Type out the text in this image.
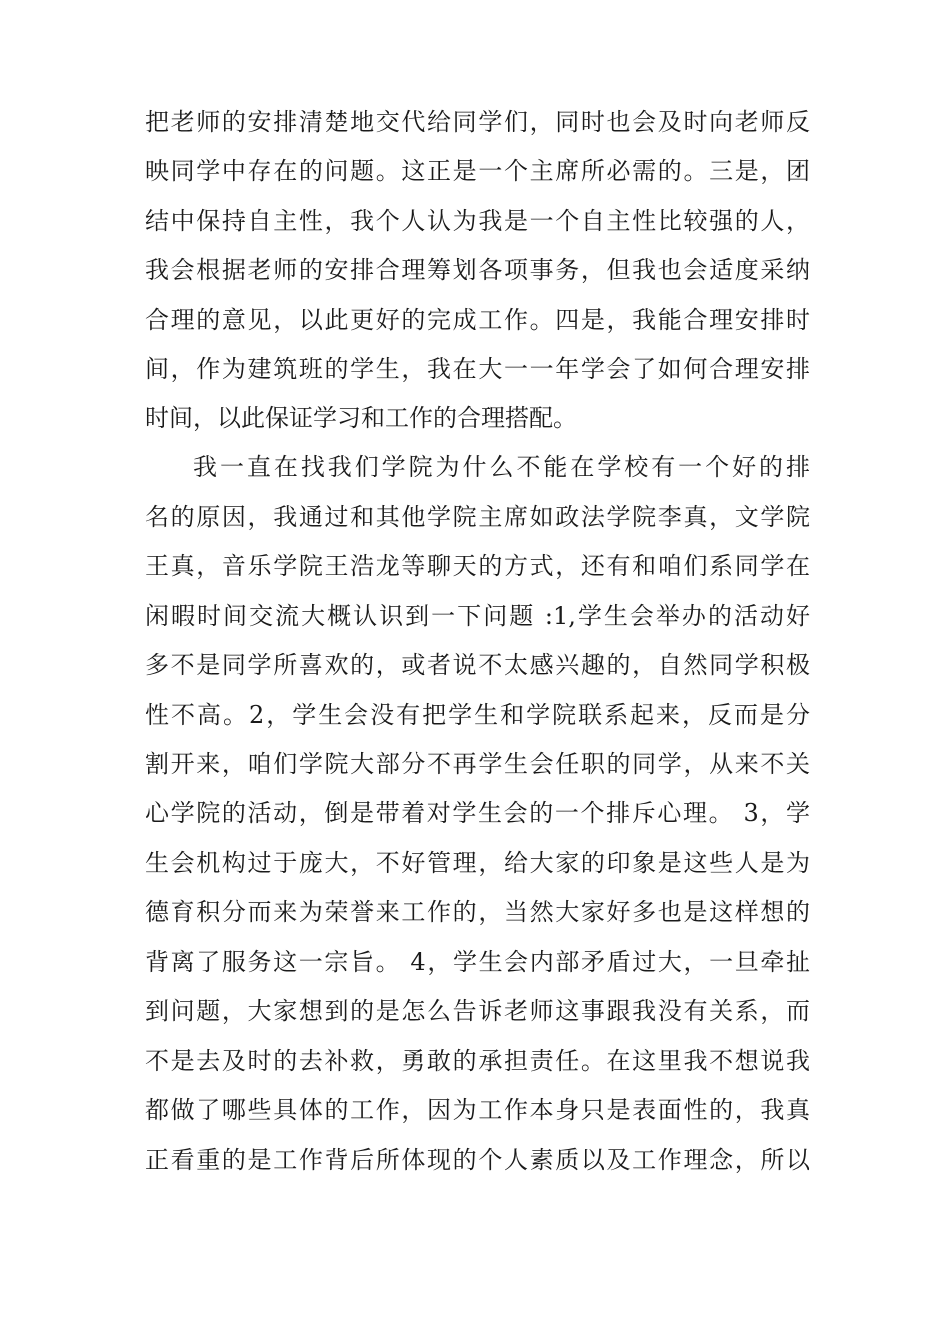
把老师的安排清楚地交代给同学们，同时也会及时向老师反
映同学中存在的问题。这正是一个主席所必需的。三是，团
结中保持自主性，我个人认为我是一个自主性比较强的人，
我会根据老师的安排合理筹划各项事务，但我也会适度采纳
合理的意见，以此更好的完成工作。四是，我能合理安排时
间，作为建筑班的学生，我在大一一年学会了如何合理安排
时间，以此保证学习和工作的合理搭配。
我一直在找我们学院为什么不能在学校有一个好的排
名的原因，我通过和其他学院主席如政法学院李真，文学院
王真，音乐学院王浩龙等聊天的方式，还有和咱们系同学在
闲暇时间交流大概认识到一下问题 :1,学生会举办的活动好
多不是同学所喜欢的，或者说不太感兴趣的，自然同学积极
性不高。2，学生会没有把学生和学院联系起来，反而是分
割开来，咱们学院大部分不再学生会任职的同学，从来不关
心学院的活动，倒是带着对学生会的一个排斥心理。 3，学
生会机构过于庞大，不好管理，给大家的印象是这些人是为
德育积分而来为荣誉来工作的，当然大家好多也是这样想的
背离了服务这一宗旨。 4，学生会内部矛盾过大，一旦牵扯
到问题，大家想到的是怎么告诉老师这事跟我没有关系，而
不是去及时的去补救，勇敢的承担责任。在这里我不想说我
都做了哪些具体的工作，因为工作本身只是表面性的，我真
正看重的是工作背后所体现的个人素质以及工作理念，所以
